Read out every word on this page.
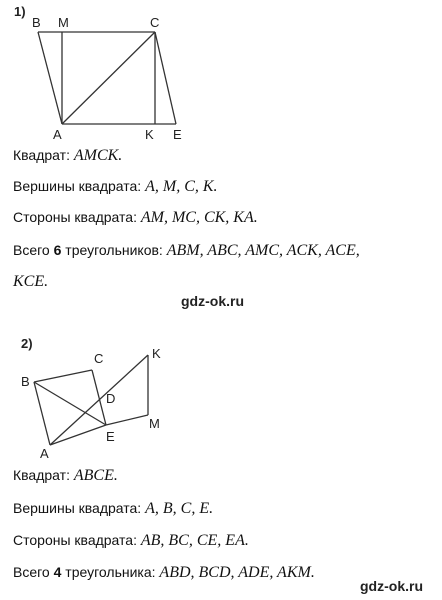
1)
B M	C
A	K E
Квадрат: AMCK.
Вершины квадрата: A, M, C, K.
Стороны квадрата: AM, MC, CK, KA.
Всего 6 треугольников: ABM, ABC, AMC, ACK, ACE,
KCE.
gdz-ok.ru
2)
C	K
B
D
A
E
M
Квадрат: ABCE.
Вершины квадрата: A, B, C, E.
Стороны квадрата: AB, BC, CE, EA.
Всего 4 треугольника: ABD, BCD, ADE, AKM.
gdz-ok.ru
